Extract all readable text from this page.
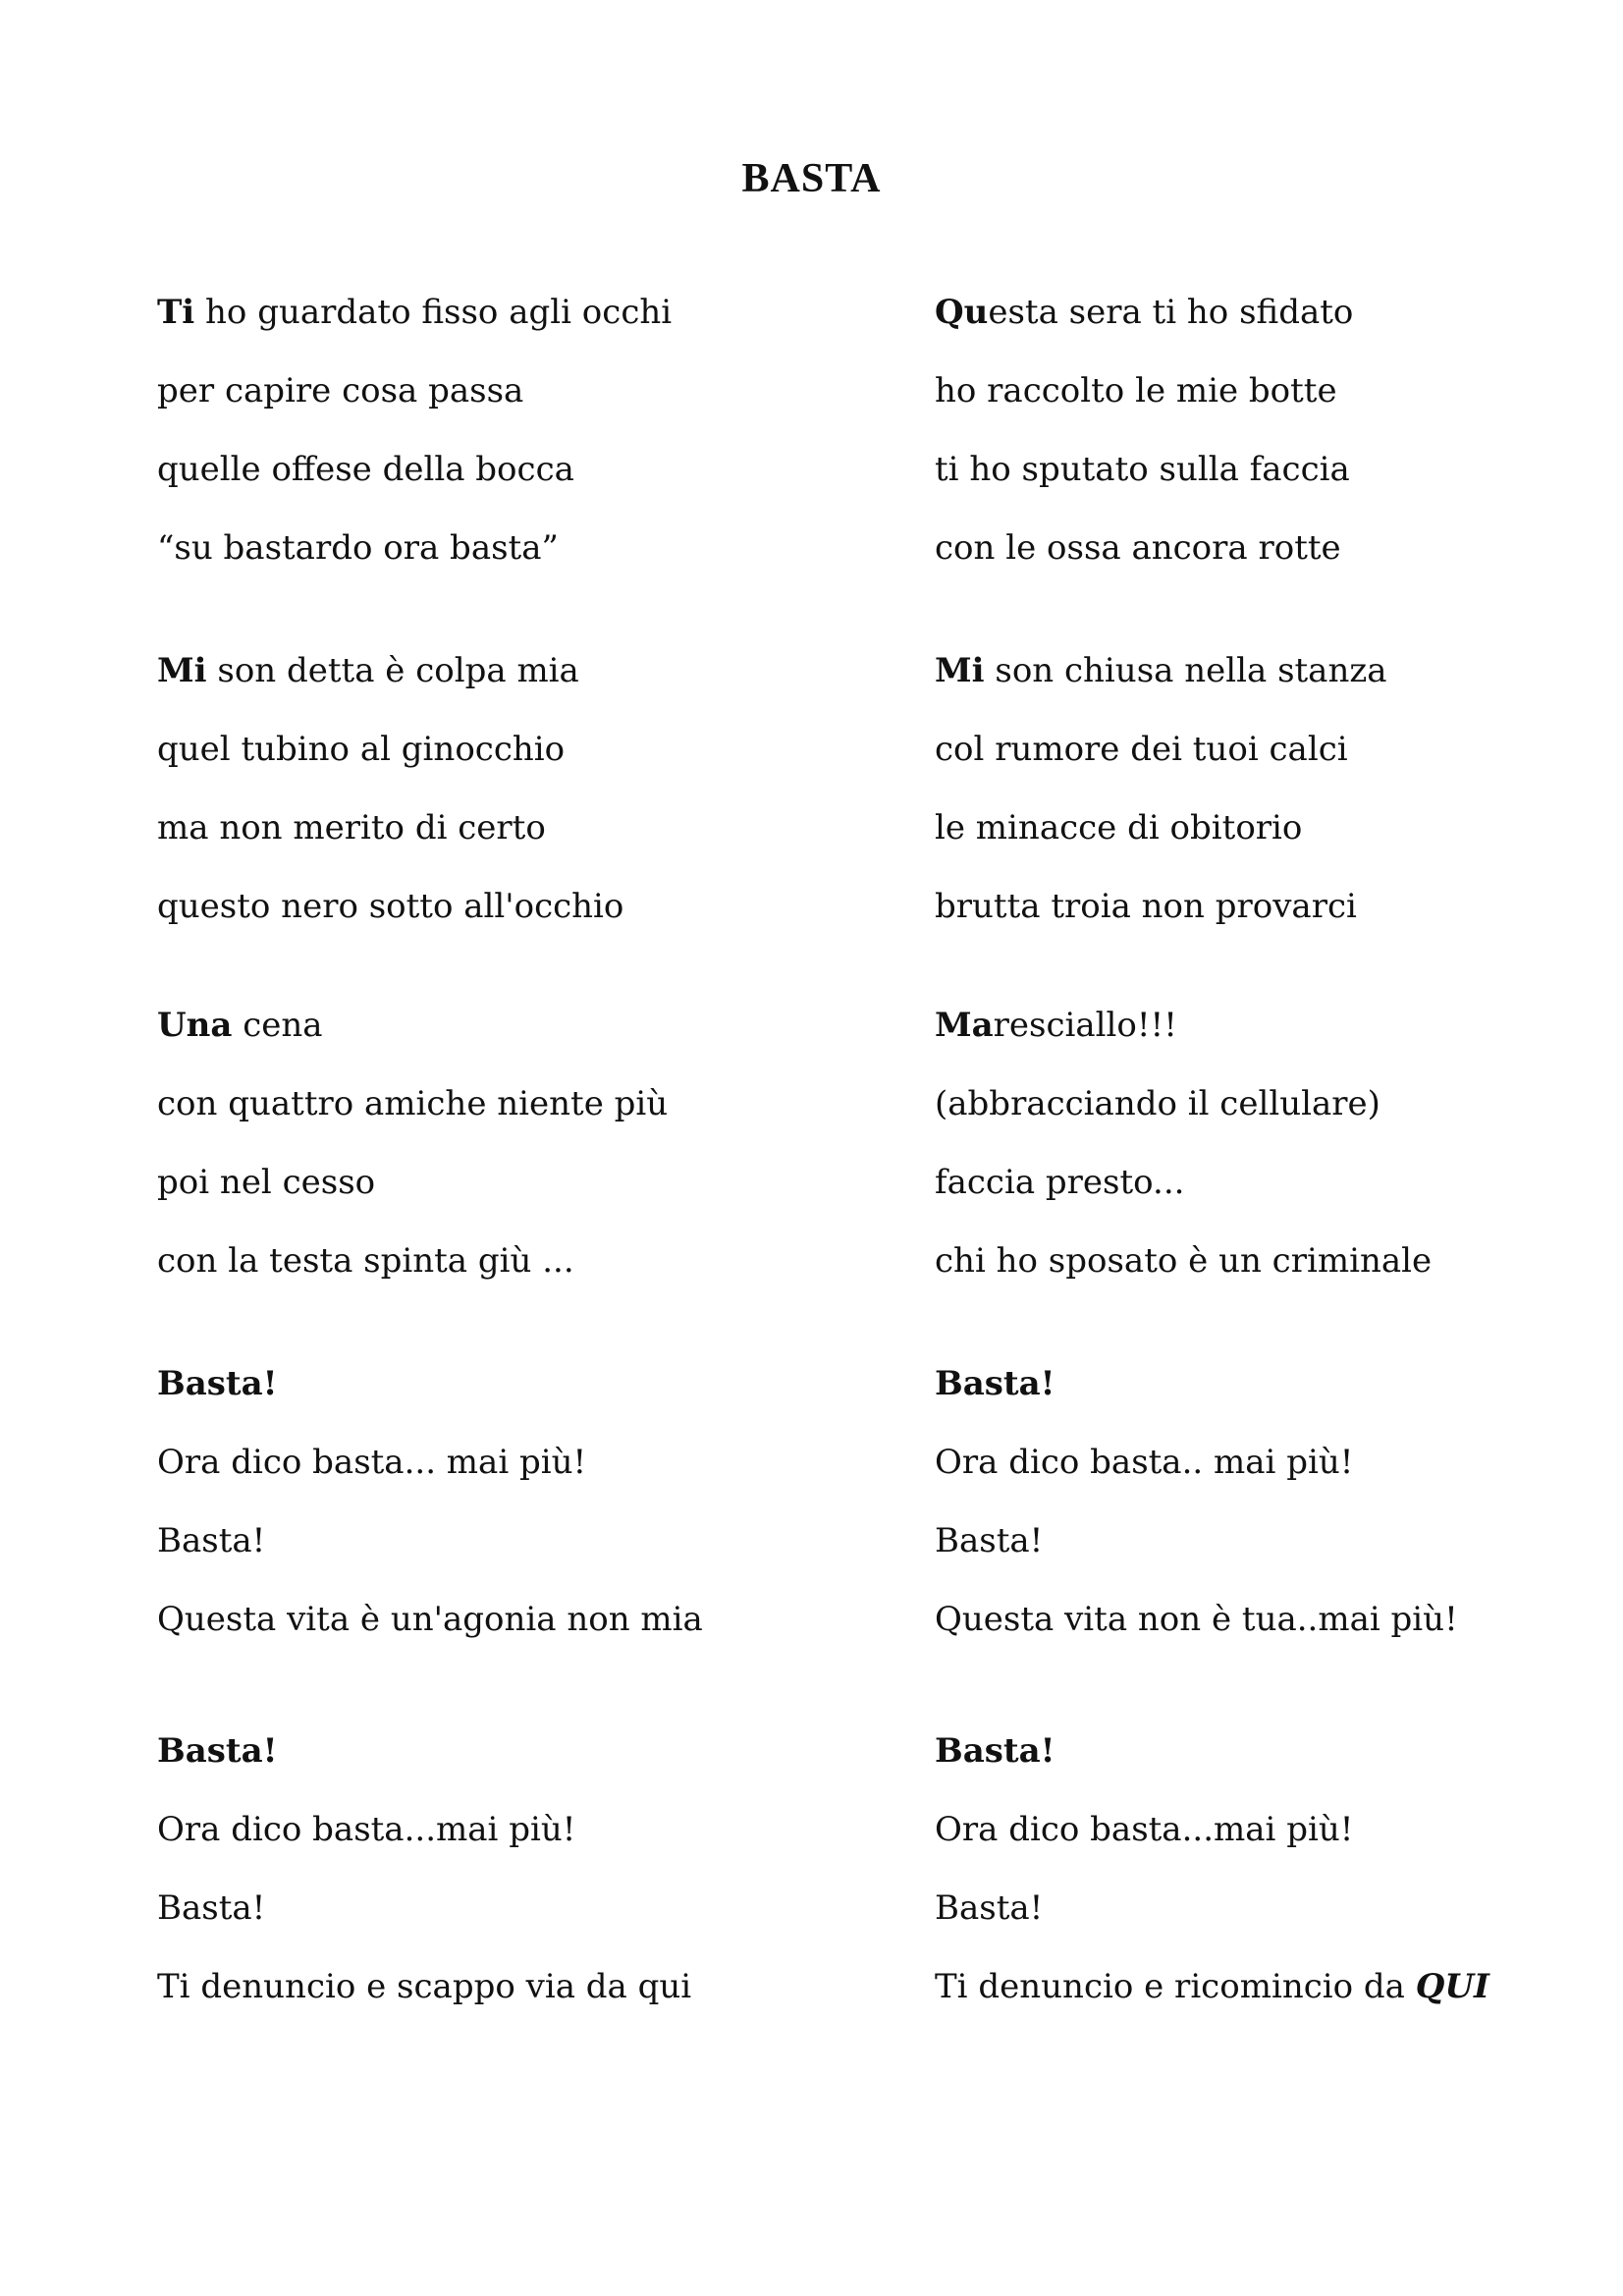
BASTA
Ti ho guardato fisso agli occhi
per capire cosa passa
quelle offese della bocca
“su bastardo ora basta”
Mi son detta è colpa mia
quel tubino al ginocchio
ma non merito di certo
questo nero sotto all'occhio
Una cena
con quattro amiche niente più
poi nel cesso
con la testa spinta giù ...
Basta!
Ora dico basta... mai più!
Basta!
Questa vita è un'agonia non mia
Basta!
Ora dico basta...mai più!
Basta!
Ti denuncio e scappo via da qui
Questa sera ti ho sfidato
ho raccolto le mie botte
ti ho sputato sulla faccia
con le ossa ancora rotte
Mi son chiusa nella stanza
col rumore dei tuoi calci
le minacce di obitorio
brutta troia non provarci
Maresciallo!!!
(abbracciando il cellulare)
faccia presto...
chi ho sposato è un criminale
Basta!
Ora dico basta.. mai più!
Basta!
Questa vita non è tua..mai più!
Basta!
Ora dico basta...mai più!
Basta!
Ti denuncio e ricomincio da QUI
